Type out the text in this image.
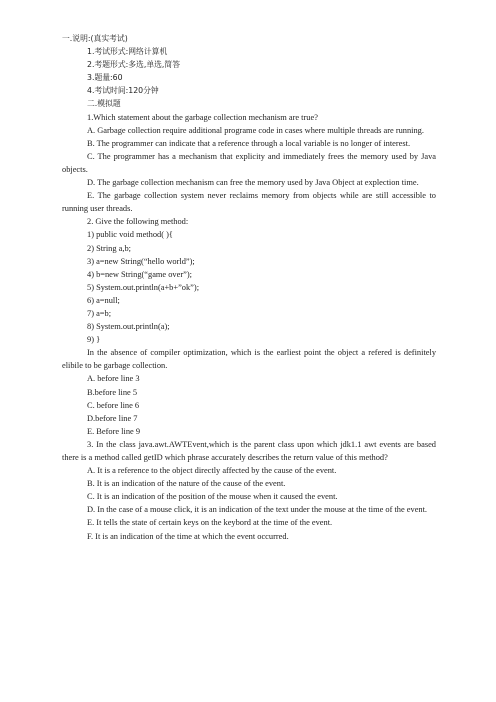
一.说明:(真实考试)
1.考试形式:网络计算机
2.考题形式:多选,单选,简答
3.题量:60
4.考试时间:120分钟
二.模拟题
1.Which statement about the garbage collection mechanism are true?
A. Garbage collection require additional programe code in cases where multiple threads are running.
B. The programmer can indicate that a reference through a local variable is no longer of interest.
C. The programmer has a mechanism that explicity and immediately frees the memory used by Java objects.
D. The garbage collection mechanism can free the memory used by Java Object at explection time.
E. The garbage collection system never reclaims memory from objects while are still accessible to running user threads.
2. Give the following method:
1) public void method( ){
2) String a,b;
3) a=new String(“hello world”);
4) b=new String(“game over”);
5) System.out.println(a+b+”ok”);
6) a=null;
7) a=b;
8) System.out.println(a);
9) }
In the absence of compiler optimization, which is the earliest point the object a refered is definitely elibile to be garbage collection.
A. before line 3
B.before line 5
C. before line 6
D.before line 7
E. Before line 9
3. In the class java.awt.AWTEvent,which is the parent class upon which jdk1.1 awt events are based there is a method called getID which phrase accurately describes the return value of this method?
A. It is a reference to the object directly affected by the cause of the event.
B. It is an indication of the nature of the cause of the event.
C. It is an indication of the position of the mouse when it caused the event.
D. In the case of a mouse click, it is an indication of the text under the mouse at the time of the event.
E. It tells the state of certain keys on the keybord at the time of the event.
F. It is an indication of the time at which the event occurred.
